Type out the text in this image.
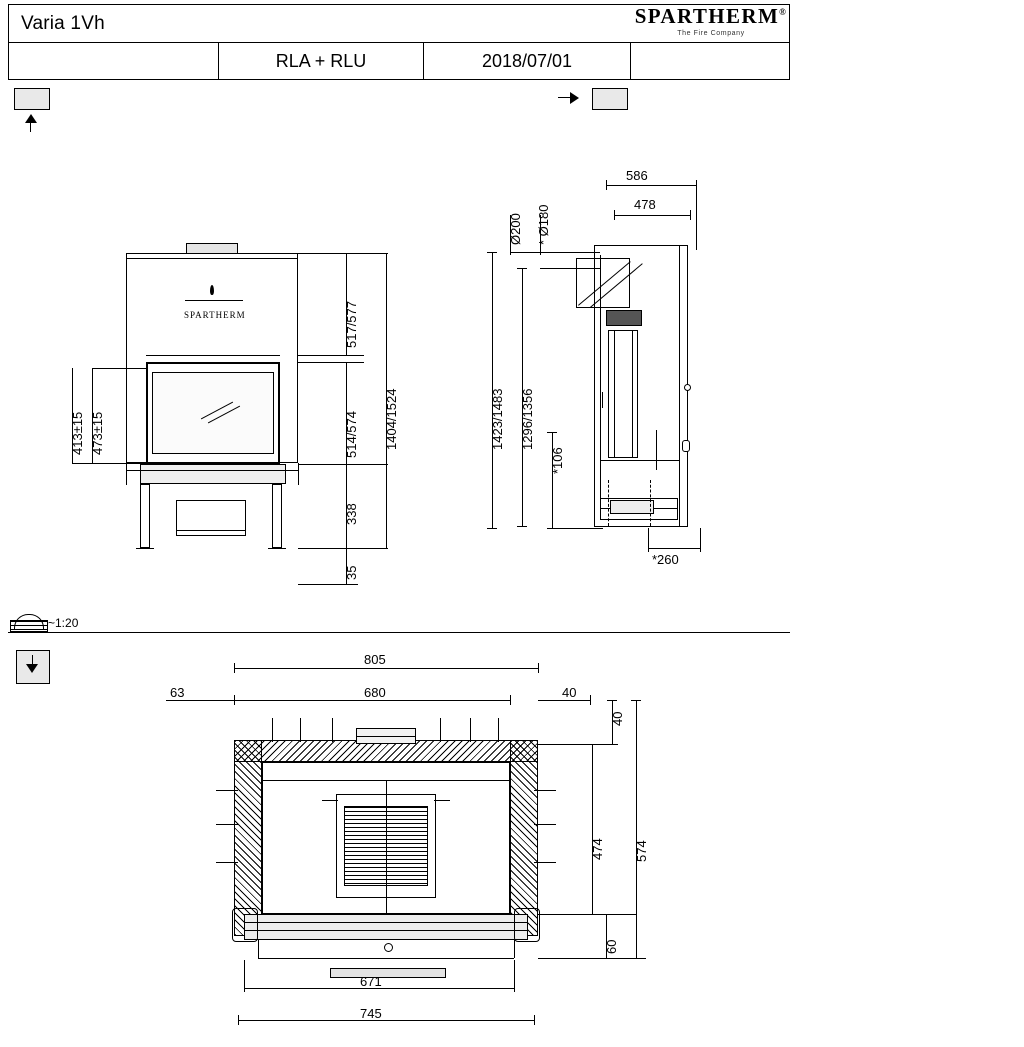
Varia 1Vh
RLA + RLU	2018/07/01
SPARTHERM®
The Fire Company
SPARTHERM
413±15 473±15
517/577
514/574
338
35
1404/1524
Ø200 * Ø180
586
478
1423/1483 1296/1356
*106
*260
~1:20
805
680
63	40
40
474 574
60
671
745
